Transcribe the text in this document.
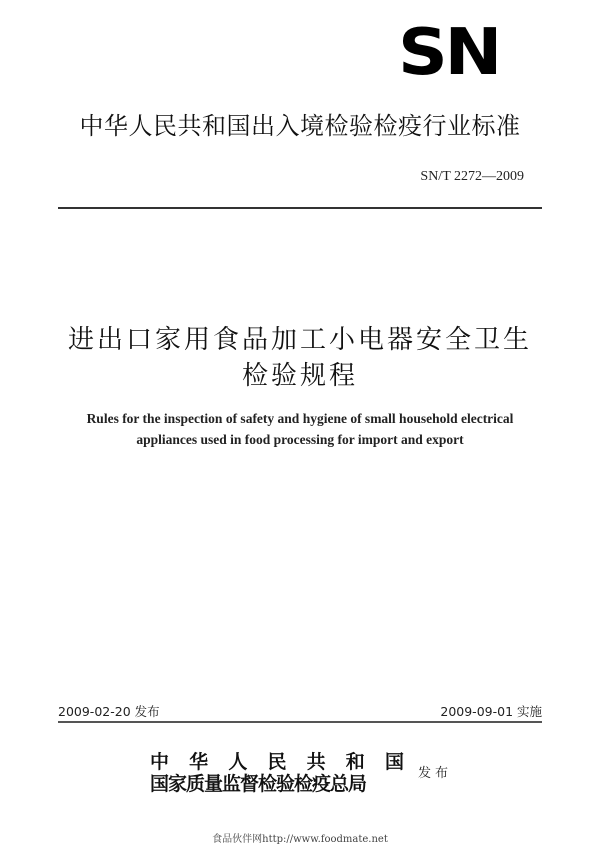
SN
中华人民共和国出入境检验检疫行业标准
SN/T 2272—2009
进出口家用食品加工小电器安全卫生
检验规程
Rules for the inspection of safety and hygiene of small household electrical
appliances used in food processing for import and export
2009-02-20 发布	2009-09-01 实施
中 华 人 民 共 和 国
国家质量监督检验检疫总局	发布
食品伙伴网http://www.foodmate.net
